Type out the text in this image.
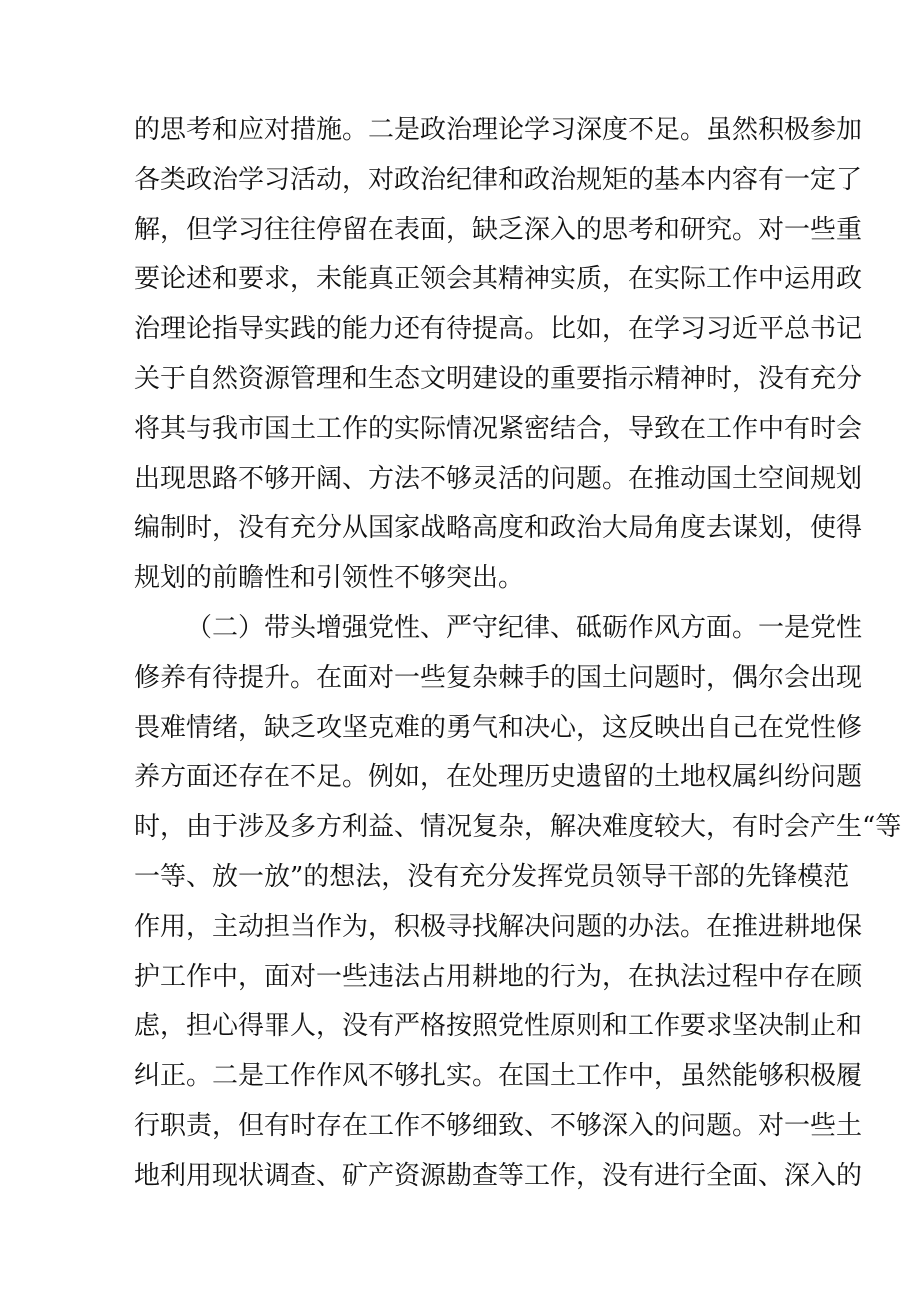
的思考和应对措施。二是政治理论学习深度不足。虽然积极参加
各类政治学习活动，对政治纪律和政治规矩的基本内容有一定了
解，但学习往往停留在表面，缺乏深入的思考和研究。对一些重
要论述和要求，未能真正领会其精神实质，在实际工作中运用政
治理论指导实践的能力还有待提高。比如，在学习习近平总书记
关于自然资源管理和生态文明建设的重要指示精神时，没有充分
将其与我市国土工作的实际情况紧密结合，导致在工作中有时会
出现思路不够开阔、方法不够灵活的问题。在推动国土空间规划
编制时，没有充分从国家战略高度和政治大局角度去谋划，使得
规划的前瞻性和引领性不够突出。
（二）带头增强党性、严守纪律、砥砺作风方面。一是党性
修养有待提升。在面对一些复杂棘手的国土问题时，偶尔会出现
畏难情绪，缺乏攻坚克难的勇气和决心，这反映出自己在党性修
养方面还存在不足。例如，在处理历史遗留的土地权属纠纷问题
时，由于涉及多方利益、情况复杂，解决难度较大，有时会产生“等
一等、放一放”的想法，没有充分发挥党员领导干部的先锋模范
作用，主动担当作为，积极寻找解决问题的办法。在推进耕地保
护工作中，面对一些违法占用耕地的行为，在执法过程中存在顾
虑，担心得罪人，没有严格按照党性原则和工作要求坚决制止和
纠正。二是工作作风不够扎实。在国土工作中，虽然能够积极履
行职责，但有时存在工作不够细致、不够深入的问题。对一些土
地利用现状调查、矿产资源勘查等工作，没有进行全面、深入的
